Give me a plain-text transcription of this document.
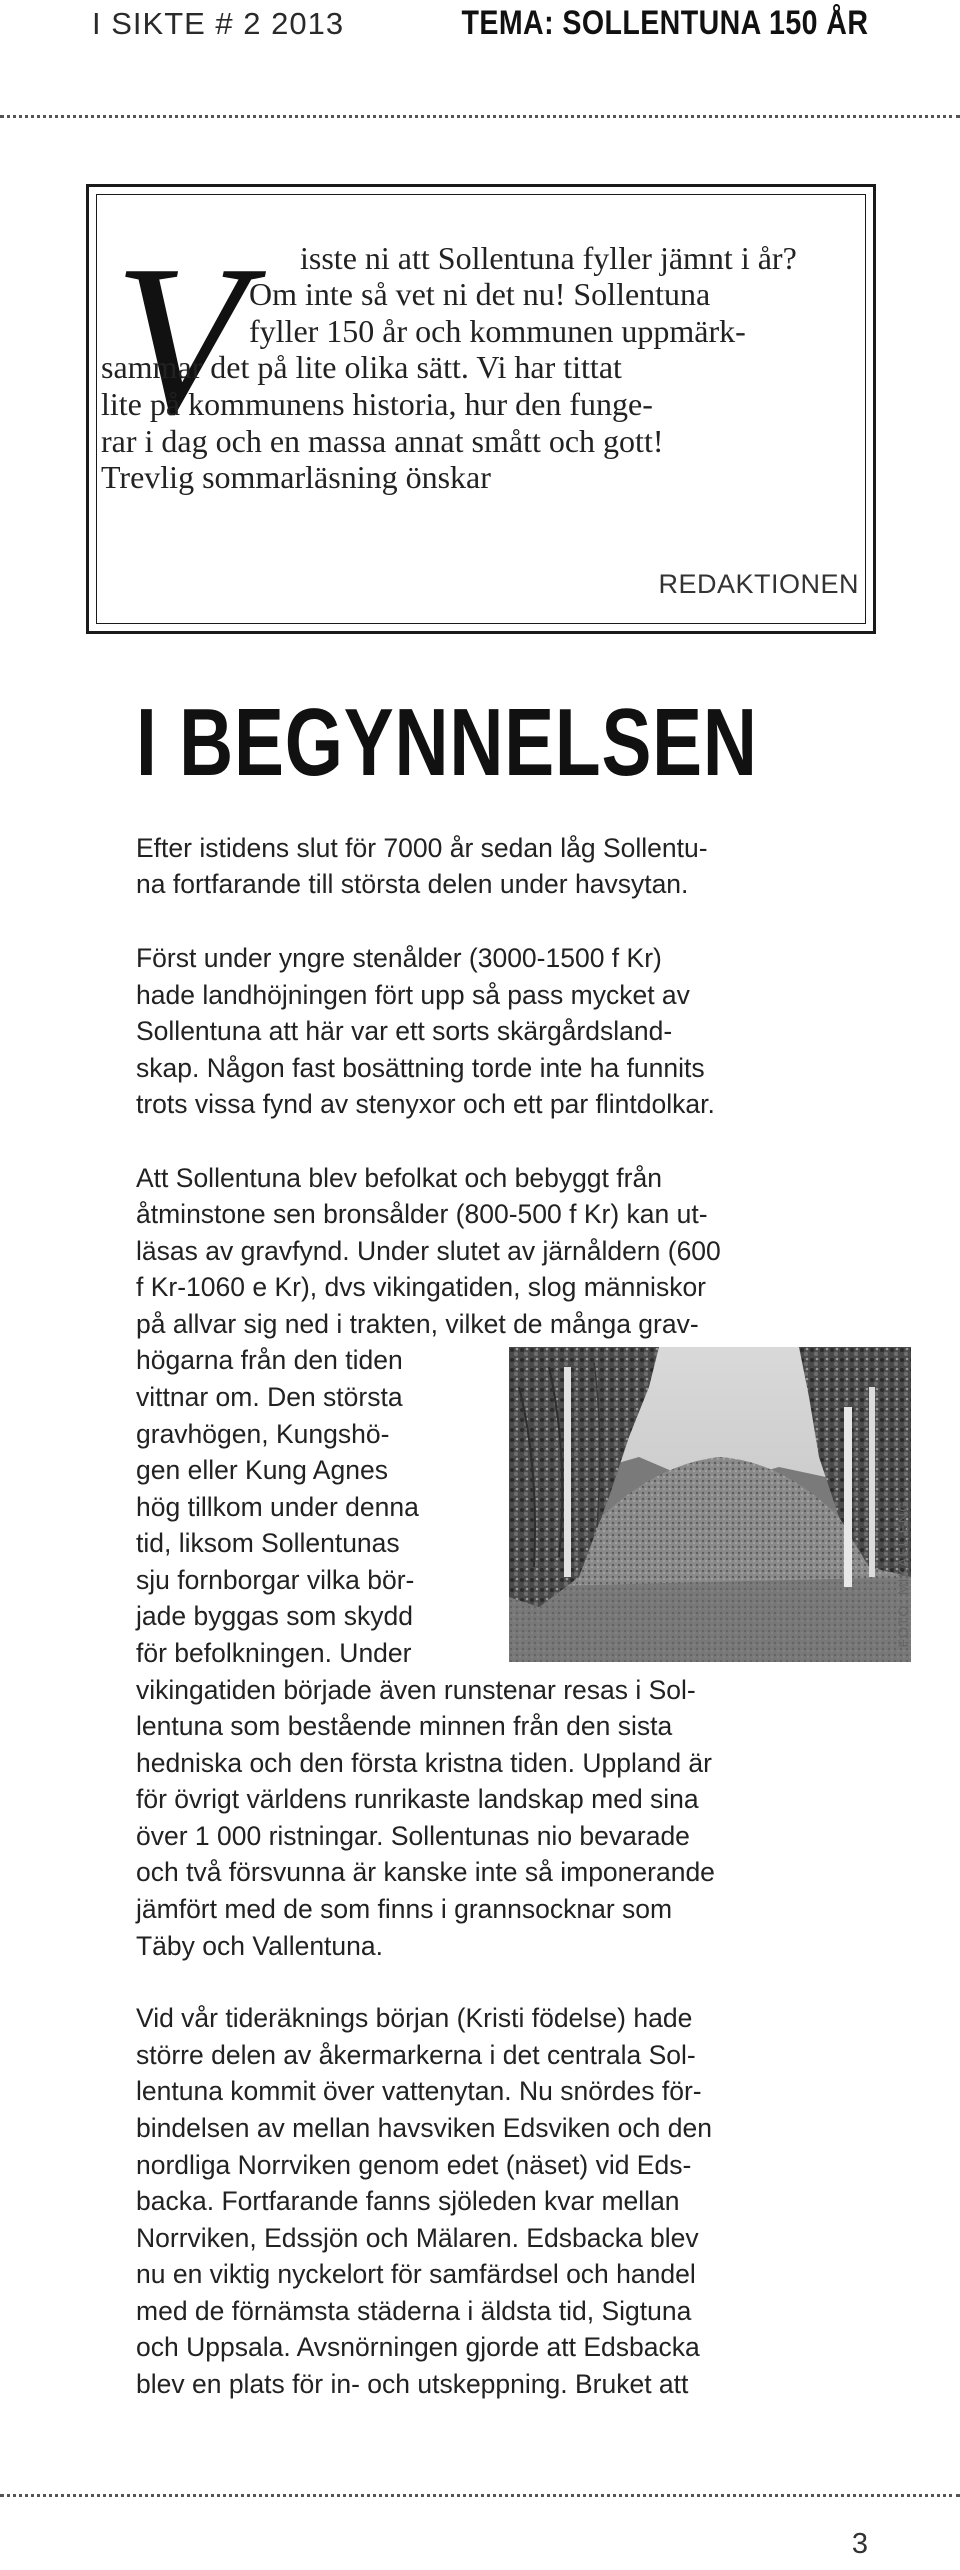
I SIKTE # 2 2013	TEMA: SOLLENTUNA 150 ÅR
V isste ni att Sollentuna fyller jämnt i år?
Om inte så vet ni det nu! Sollentuna
fyller 150 år och kommunen uppmärk-
sammar det på lite olika sätt. Vi har tittat
lite på kommunens historia, hur den funge-
rar i dag och en massa annat smått och gott!
Trevlig sommarläsning önskar
REDAKTIONEN
I BEGYNNELSEN
Efter istidens slut för 7000 år sedan låg Sollentu-
na fortfarande till största delen under havsytan.
Först under yngre stenålder (3000-1500 f Kr)
hade landhöjningen fört upp så pass mycket av
Sollentuna att här var ett sorts skärgårdsland-
skap. Någon fast bosättning torde inte ha funnits
trots vissa fynd av stenyxor och ett par flintdolkar.
Att Sollentuna blev befolkat och bebyggt från
åtminstone sen bronsålder (800-500 f Kr) kan ut-
läsas av gravfynd. Under slutet av järnåldern (600
f Kr-1060 e Kr), dvs vikingatiden, slog människor
på allvar sig ned i trakten, vilket de många grav-
högarna från den tiden
vittnar om. Den största
gravhögen, Kungshö-
gen eller Kung Agnes
hög tillkom under denna
tid, liksom Sollentunas
sju fornborgar vilka bör-
jade byggas som skydd
för befolkningen. Under
vikingatiden började även runstenar resas i Sol-
lentuna som bestående minnen från den sista
hedniska och den första kristna tiden. Uppland är
för övrigt världens runrikaste landskap med sina
över 1 000 ristningar. Sollentunas nio bevarade
och två försvunna är kanske inte så imponerande
jämfört med de som finns i grannsocknar som
Täby och Vallentuna.
Vid vår tideräknings början (Kristi födelse) hade
större delen av åkermarkerna i det centrala Sol-
lentuna kommit över vattenytan. Nu snördes för-
bindelsen av mellan havsviken Edsviken och den
nordliga Norrviken genom edet (näset) vid Eds-
backa. Fortfarande fanns sjöleden kvar mellan
Norrviken, Edssjön och Mälaren. Edsbacka blev
nu en viktig nyckelort för samfärdsel och handel
med de förnämsta städerna i äldsta tid, Sigtuna
och Uppsala. Avsnörningen gjorde att Edsbacka
blev en plats för in- och utskeppning. Bruket att
FOTO: MIKAEL ENG
3
